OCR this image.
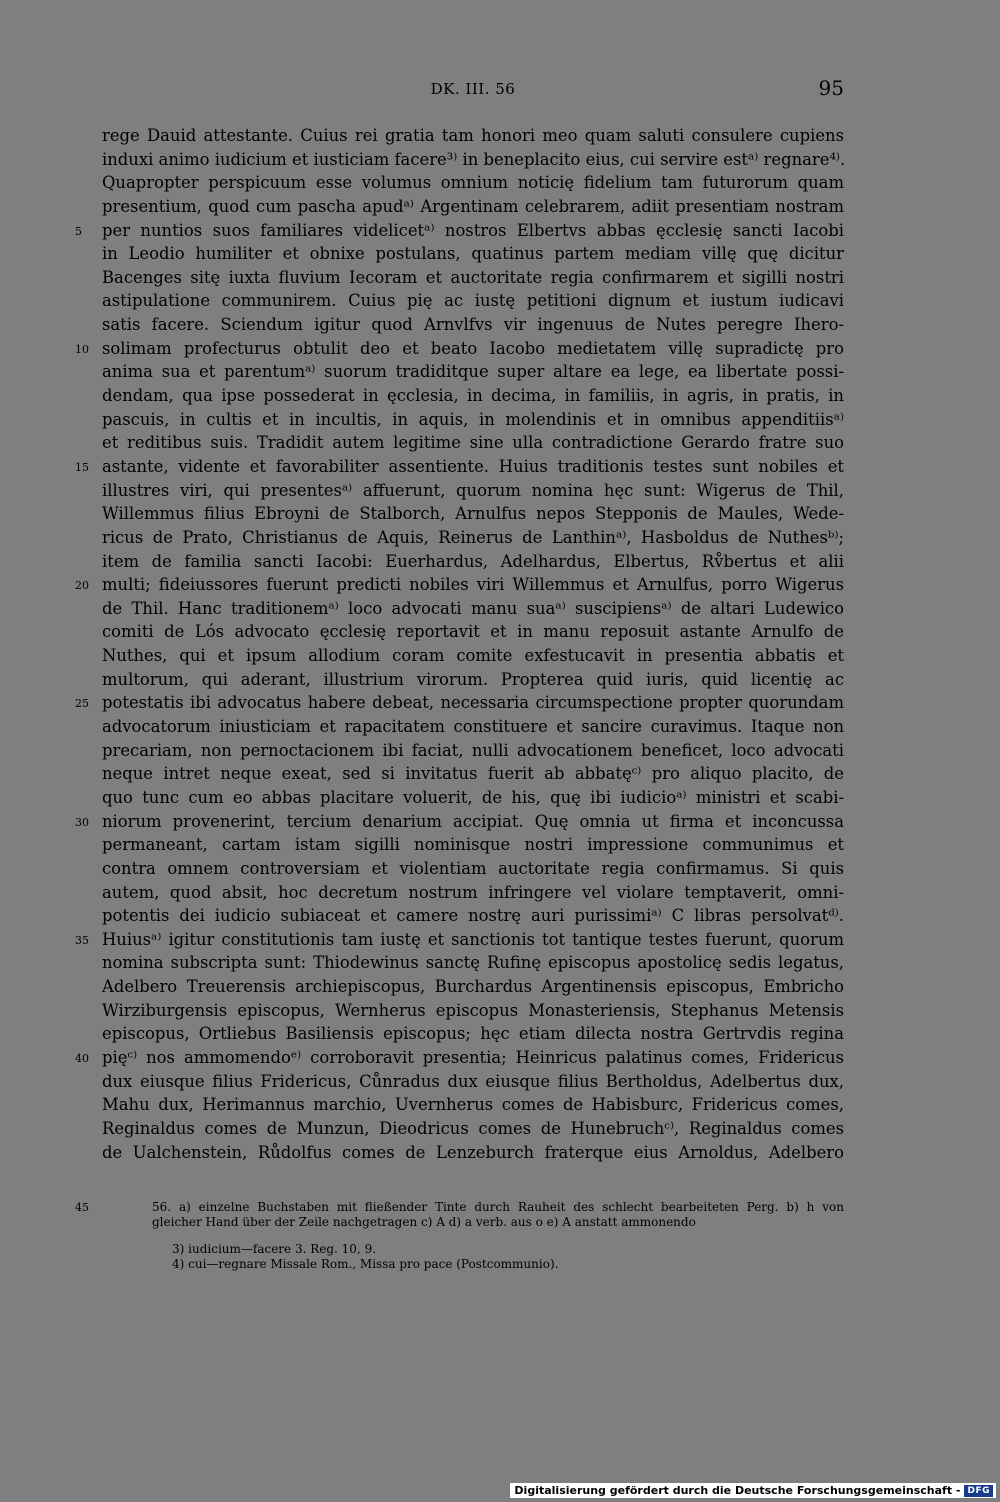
DK. III. 56	95
rege Dauid attestante. Cuius rei gratia tam honori meo quam saluti consulere cupiens
induxi animo iudicium et iusticiam facere³⁾ in beneplacito eius, cui servire estᵃ⁾ regnare⁴⁾.
Quapropter perspicuum esse volumus omnium noticię fidelium tam futurorum quam
presentium, quod cum pascha apudᵃ⁾ Argentinam celebrarem, adiit presentiam nostram
5	per nuntios suos familiares videlicetᵃ⁾ nostros Elbertvs abbas ęcclesię sancti Iacobi
in Leodio humiliter et obnixe postulans, quatinus partem mediam villę quę dicitur
Bacenges sitę iuxta fluvium Iecoram et auctoritate regia confirmarem et sigilli nostri
astipulatione communirem. Cuius pię ac iustę petitioni dignum et iustum iudicavi
satis facere. Sciendum igitur quod Arnvlfvs vir ingenuus de Nutes peregre Ihero-
10 solimam profecturus obtulit deo et beato Iacobo medietatem villę supradictę pro
anima sua et parentumᵃ⁾ suorum tradiditque super altare ea lege, ea libertate possi-
dendam, qua ipse possederat in ęcclesia, in decima, in familiis, in agris, in pratis, in
pascuis, in cultis et in incultis, in aquis, in molendinis et in omnibus appenditiisᵃ⁾
et reditibus suis. Tradidit autem legitime sine ulla contradictione Gerardo fratre suo
15 astante, vidente et favorabiliter assentiente. Huius traditionis testes sunt nobiles et
illustres viri, qui presentesᵃ⁾ affuerunt, quorum nomina hęc sunt: Wigerus de Thil,
Willemmus filius Ebroyni de Stalborch, Arnulfus nepos Stepponis de Maules, Wede-
ricus de Prato, Christianus de Aquis, Reinerus de Lanthinᵃ⁾, Hasboldus de Nuthesᵇ⁾;
item de familia sancti Iacobi: Euerhardus, Adelhardus, Elbertus, Rv̊bertus et alii
20 multi; fideiussores fuerunt predicti nobiles viri Willemmus et Arnulfus, porro Wigerus
de Thil. Hanc traditionemᵃ⁾ loco advocati manu suaᵃ⁾ suscipiensᵃ⁾ de altari Ludewico
comiti de Lós advocato ęcclesię reportavit et in manu reposuit astante Arnulfo de
Nuthes, qui et ipsum allodium coram comite exfestucavit in presentia abbatis et
multorum, qui aderant, illustrium virorum. Propterea quid iuris, quid licentię ac
25 potestatis ibi advocatus habere debeat, necessaria circumspectione propter quorundam
advocatorum iniusticiam et rapacitatem constituere et sancire curavimus. Itaque non
precariam, non pernoctacionem ibi faciat, nulli advocationem beneficet, loco advocati
neque intret neque exeat, sed si invitatus fuerit ab abbatęᶜ⁾ pro aliquo placito, de
quo tunc cum eo abbas placitare voluerit, de his, quę ibi iudicioᵃ⁾ ministri et scabi-
30 niorum provenerint, tercium denarium accipiat. Quę omnia ut firma et inconcussa
permaneant, cartam istam sigilli nominisque nostri impressione communimus et
contra omnem controversiam et violentiam auctoritate regia confirmamus. Si quis
autem, quod absit, hoc decretum nostrum infringere vel violare temptaverit, omni-
potentis dei iudicio subiaceat et camere nostrę auri purissimiᵃ⁾ C libras persolvatᵈ⁾.
35 Huiusᵃ⁾ igitur constitutionis tam iustę et sanctionis tot tantique testes fuerunt, quorum
nomina subscripta sunt: Thiodewinus sanctę Rufinę episcopus apostolicę sedis legatus,
Adelbero Treuerensis archiepiscopus, Burchardus Argentinensis episcopus, Embricho
Wirziburgensis episcopus, Wernherus episcopus Monasteriensis, Stephanus Metensis
episcopus, Ortliebus Basiliensis episcopus; hęc etiam dilecta nostra Gertrvdis regina
40 pięᶜ⁾ nos ammomendoᵉ⁾ corroboravit presentia; Heinricus palatinus comes, Fridericus
dux eiusque filius Fridericus, Cůnradus dux eiusque filius Bertholdus, Adelbertus dux,
Mahu dux, Herimannus marchio, Uvernherus comes de Habisburc, Fridericus comes,
Reginaldus comes de Munzun, Dieodricus comes de Hunebruchᶜ⁾, Reginaldus comes
de Ualchenstein, Růdolfus comes de Lenzeburch fraterque eius Arnoldus, Adelbero
45	56. a) einzelne Buchstaben mit fließender Tinte durch Rauheit des schlecht bearbeiteten Perg. b) h von
gleicher Hand über der Zeile nachgetragen c) A d) a verb. aus o e) A anstatt ammonendo
3) iudicium—facere 3. Reg. 10, 9.
4) cui—regnare Missale Rom., Missa pro pace (Postcommunio).
Digitalisierung gefördert durch die Deutsche Forschungsgemeinschaft - DFG
